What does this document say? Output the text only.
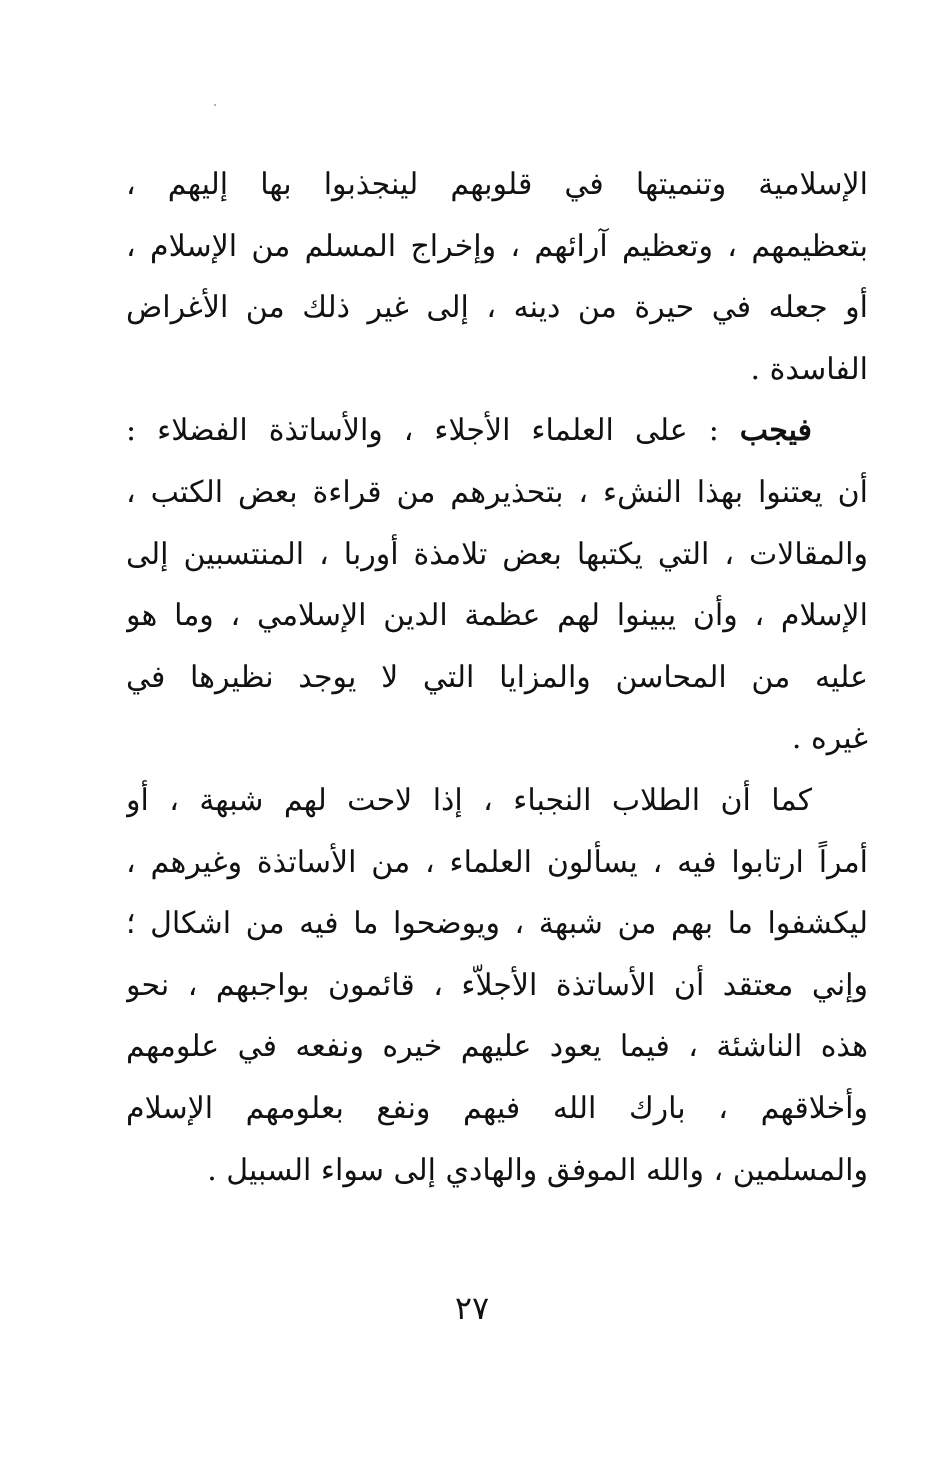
الإسلامية وتنميتها في قلوبهم لينجذبوا بها إليهم ،
بتعظيمهم ، وتعظيم آرائهم ، وإخراج المسلم من الإسلام ،
أو جعله في حيرة من دينه ، إلى غير ذلك من الأغراض
الفاسدة .
فيجب : على العلماء الأجلاء ، والأساتذة الفضلاء :
أن يعتنوا بهذا النشء ، بتحذيرهم من قراءة بعض الكتب ،
والمقالات ، التي يكتبها بعض تلامذة أوربا ، المنتسبين إلى
الإسلام ، وأن يبينوا لهم عظمة الدين الإسلامي ، وما هو
عليه من المحاسن والمزايا التي لا يوجد نظيرها في
غيره .
كما أن الطلاب النجباء ، إذا لاحت لهم شبهة ، أو
أمراً ارتابوا فيه ، يسألون العلماء ، من الأساتذة وغيرهم ،
ليكشفوا ما بهم من شبهة ، ويوضحوا ما فيه من اشكال ؛
وإني معتقد أن الأساتذة الأجلاّء ، قائمون بواجبهم ، نحو
هذه الناشئة ، فيما يعود عليهم خيره ونفعه في علومهم
وأخلاقهم ، بارك الله فيهم ونفع بعلومهم الإسلام
والمسلمين ، والله الموفق والهادي إلى سواء السبيل .
٢٧
